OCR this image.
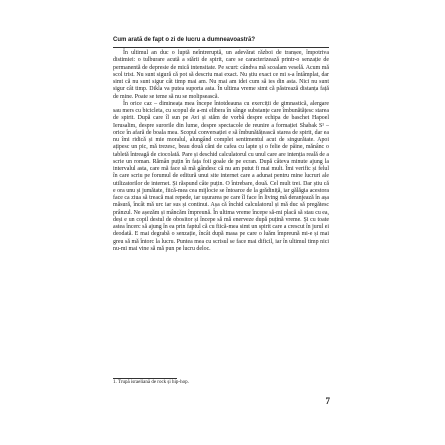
Cum arată de fapt o zi de lucru a dumneavoastră?

În ultimul an duc o luptă neîntreruptă, un adevărat război de tranșee, împotriva distimiei: o tulburare acută a stării de spirit, care se caracterizează printr-o senzație de permanentă de depresie de mică intensitate. Pe scurt: cândva mă scoalam veselă. Acum mă scol trist. Nu sunt sigură că pot să descriu mai exact. Nu știu exact ce mi s-a întâmplat, dar simt că nu sunt sigur cât timp mai am. Nu mai am idei cum să ies din asta. Nici nu sunt sigur cât timp. Dikla va putea suporta asta. În ultima vreme simt că păstrează distanța față de mine. Poate se teme să nu se molipsească.

În orice caz – dimineața mea începe întotdeauna cu exerciții de gimnastică, alergare sau mers cu bicicleta, cu scopul de a-mi elibera în sânge substanțe care îmbunătățesc starea de spirit. După care îl sun pe Avi și stăm de vorbă despre echipa de baschet Hapoel Ierusalim, despre surorile din lume, despre spectacole de reunire a formației Shabak S¹ – orice în afară de boala mea. Scopul conversației e să îmbunătățească starea de spirit, dar ea nu îmi ridică și mie moralul, alungând complet sentimentul acut de singurătate. Apoi ațipesc un pic, mă trezesc, beau două căni de cafea cu lapte și o felie de pâine, mănânc o tabletă întreagă de ciocolată. Pare și deschid calculatorul cu unul care are intenția reală de a scrie un roman. Rămân puțin în fața foii goale de pe ecran. După câteva minute ajung la intervalul asta, care mă face să mă gândesc că nu am putut fi mai mult. Îmi verific și felul în care scriu pe forumul de editură unui site internet care a adunat pentru mine lucruri ale utilizatorilor de internet. Și răspund câte puțin. O întrebare, două. Cel mult trei. Dar știu că e ora unu și jumătate, fiică-mea cea mijlocie se întoarce de la grădiniță, iar gălăgia acestora face ca ziua să treacă mai repede, iar ușurarea pe care îl face în living mă deranjează în așa măsură, încât mă urc iar sus și continui. Așa că închid calculatorul și mă duc să pregătesc prânzul. Ne așezăm și mâncăm împreună. În ultima vreme începe să-mi placă să stau cu ea, deși e un copil destul de obositor și începe să mă enerveze după puțină vreme. Și cu toate astea încerc să ajung în ea prin faptul că cu fiică-mea simt un spirit care a crescut în jurul ei deodată. E mai degrabă o senzație, încât după masa pe care o luăm împreună mi-e și mai greu să mă întorc la lucru. Puntea mea cu scrisul se face mai dificil, iar în ultimul timp nici nu-mi mai vine să mă pun pe lucru deloc.

1. Trupă israeliană de rock și hip-hop.
7
